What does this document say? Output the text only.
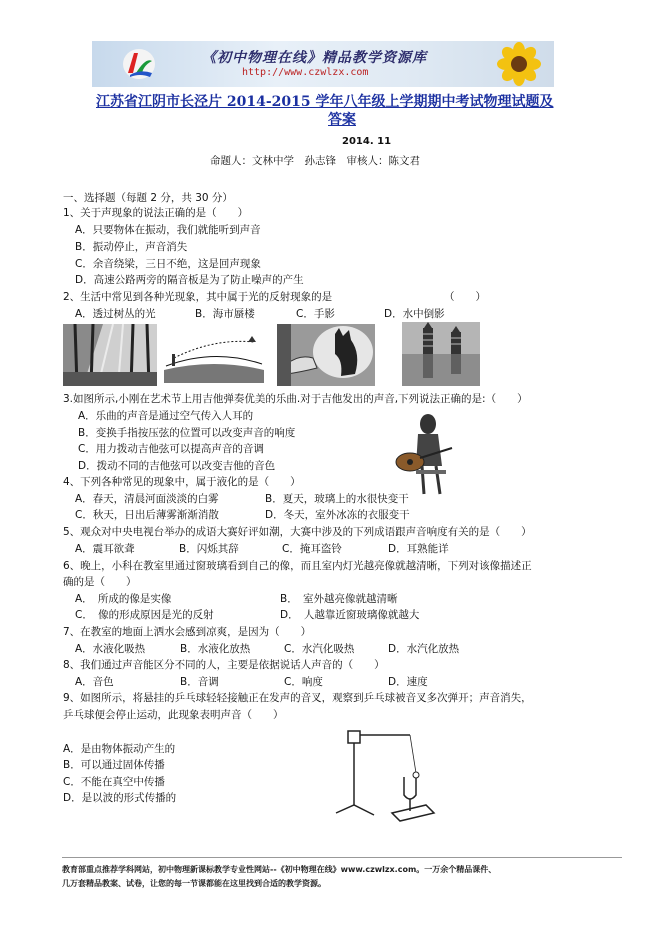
《初中物理在线》精品教学资源库
http://www.czwlzx.com
江苏省江阴市长泾片 2014-2015 学年八年级上学期期中考试物理试题及

答案
2014. 11
命题人：文林中学　孙志锋　审核人：陈文君
一、选择题（每题 2 分，共 30 分）
1、关于声现象的说法正确的是（　　）
A．只要物体在振动，我们就能听到声音
B．振动停止，声音消失
C．余音绕梁，三日不绝，这是回声现象
D．高速公路两旁的隔音板是为了防止噪声的产生
2、生活中常见到各种光现象，其中属于光的反射现象的是	（　　）
A．透过树丛的光	B．海市蜃楼	C．手影	D．水中倒影
3.如图所示,小刚在艺术节上用吉他弹奏优美的乐曲.对于吉他发出的声音,下列说法正确的是:（　　）
A．乐曲的声音是通过空气传入人耳的
B．变换手指按压弦的位置可以改变声音的响度
C．用力拨动吉他弦可以提高声音的音调
D．拨动不同的吉他弦可以改变吉他的音色
4、下列各种常见的现象中，属于液化的是（　　）
A．春天，清晨河面淡淡的白雾	B．夏天，玻璃上的水很快变干
C．秋天，日出后薄雾渐渐消散	D．冬天，室外冰冻的衣服变干
5、观众对中央电视台举办的成语大赛好评如潮，大赛中涉及的下列成语跟声音响度有关的是（　　）
A．震耳欲聋	B．闪烁其辞	C．掩耳盗铃	D．耳熟能详
6、晚上，小科在教室里通过窗玻璃看到自己的像，而且室内灯光越亮像就越清晰，下列对该像描述正
确的是（　　）
A．　所成的像是实像	B．　室外越亮像就越清晰
C．　像的形成原因是光的反射	D．　人越靠近窗玻璃像就越大
7、在教室的地面上洒水会感到凉爽，是因为（　　）
A．水液化吸热	B．水液化放热	C．水汽化吸热	D．水汽化放热
8、我们通过声音能区分不同的人，主要是依据说话人声音的（　　）
A．音色	B．音调	C．响度	D．速度
9、如图所示，将悬挂的乒乓球轻轻接触正在发声的音叉，观察到乒乓球被音叉多次弹开；声音消失，
乒乓球便会停止运动，此现象表明声音（　　）
A．是由物体振动产生的
B．可以通过固体传播
C．不能在真空中传播
D．是以波的形式传播的
教育部重点推荐学科网站，初中物理新课标教学专业性网站--《初中物理在线》www.czwlzx.com。一万余个精品课件、
几万套精品教案、试卷，让您的每一节课都能在这里找到合适的教学资源。
